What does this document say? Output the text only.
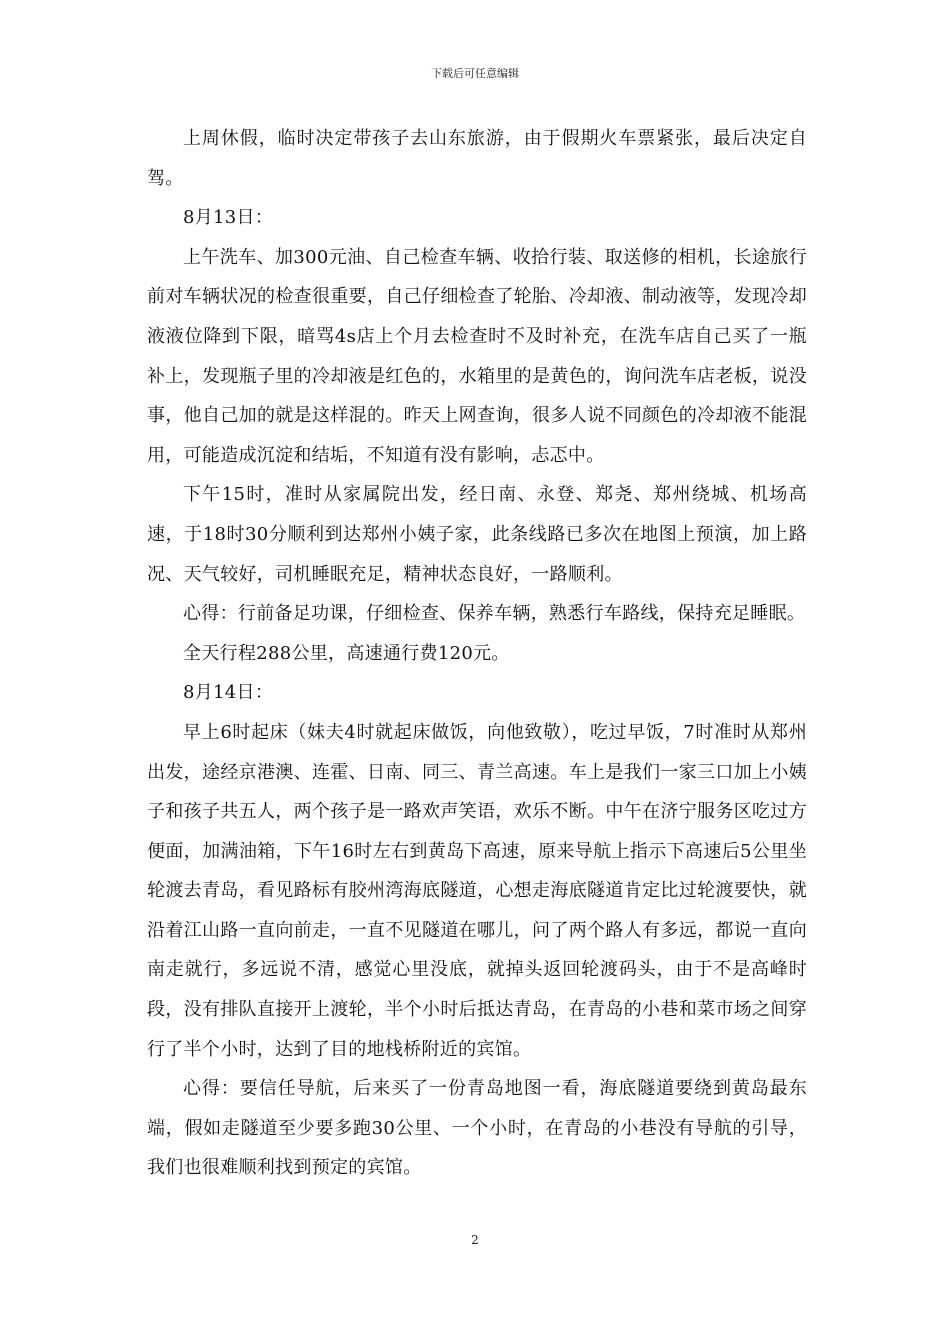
下载后可任意编辑

上周休假，临时决定带孩子去山东旅游，由于假期火车票紧张，最后决定自驾。

8月13日：

上午洗车、加300元油、自己检查车辆、收拾行装、取送修的相机，长途旅行前对车辆状况的检查很重要，自己仔细检查了轮胎、冷却液、制动液等，发现冷却液液位降到下限，暗骂4s店上个月去检查时不及时补充，在洗车店自己买了一瓶补上，发现瓶子里的冷却液是红色的，水箱里的是黄色的，询问洗车店老板，说没事，他自己加的就是这样混的。昨天上网查询，很多人说不同颜色的冷却液不能混用，可能造成沉淀和结垢，不知道有没有影响，忐忑中。

下午15时，准时从家属院出发，经日南、永登、郑尧、郑州绕城、机场高速，于18时30分顺利到达郑州小姨子家，此条线路已多次在地图上预演，加上路况、天气较好，司机睡眠充足，精神状态良好，一路顺利。

心得：行前备足功课，仔细检查、保养车辆，熟悉行车路线，保持充足睡眠。

全天行程288公里，高速通行费120元。

8月14日：

早上6时起床（妹夫4时就起床做饭，向他致敬），吃过早饭，7时准时从郑州出发，途经京港澳、连霍、日南、同三、青兰高速。车上是我们一家三口加上小姨子和孩子共五人，两个孩子是一路欢声笑语，欢乐不断。中午在济宁服务区吃过方便面，加满油箱，下午16时左右到黄岛下高速，原来导航上指示下高速后5公里坐轮渡去青岛，看见路标有胶州湾海底隧道，心想走海底隧道肯定比过轮渡要快，就沿着江山路一直向前走，一直不见隧道在哪儿，问了两个路人有多远，都说一直向南走就行，多远说不清，感觉心里没底，就掉头返回轮渡码头，由于不是高峰时段，没有排队直接开上渡轮，半个小时后抵达青岛，在青岛的小巷和菜市场之间穿行了半个小时，达到了目的地栈桥附近的宾馆。

心得：要信任导航，后来买了一份青岛地图一看，海底隧道要绕到黄岛最东端，假如走隧道至少要多跑30公里、一个小时，在青岛的小巷没有导航的引导，我们也很难顺利找到预定的宾馆。

2
